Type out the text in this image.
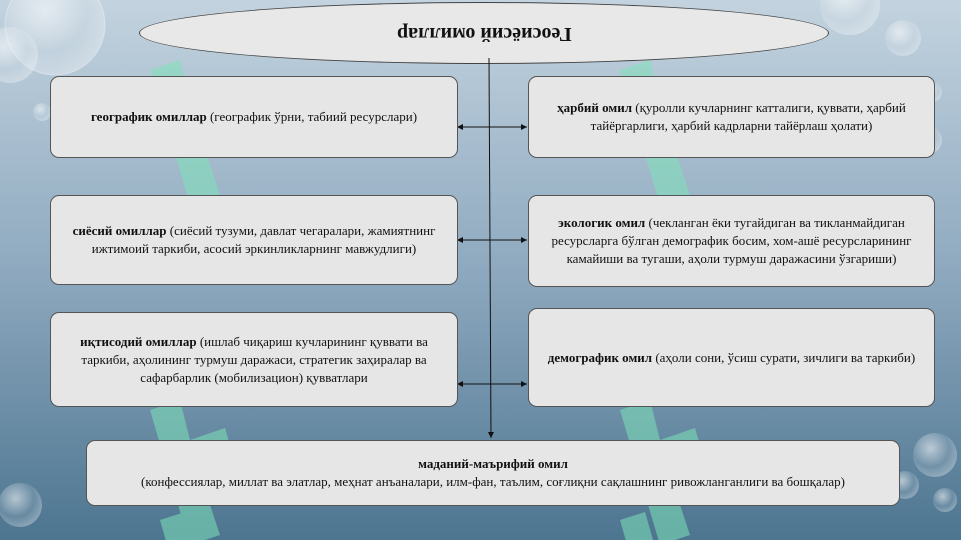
Геосиёсий омиллар
географик омиллар (географик ўрни, табиий ресурслари)
сиёсий омиллар (сиёсий тузуми, давлат чегаралари, жамиятнинг ижтимоий таркиби, асосий эркинликларнинг мавжудлиги)
иқтисодий омиллар (ишлаб чиқариш кучларининг қуввати ва таркиби, аҳолининг турмуш даражаси, стратегик заҳиралар ва сафарбарлик (мобилизацион) қувватлари
ҳарбий омил (қуролли кучларнинг катталиги, қуввати, ҳарбий тайёргарлиги, ҳарбий кадрларни тайёрлаш ҳолати)
экологик омил (чекланган ёки тугайдиган ва тикланмайдиган ресурсларга бўлган демографик босим, хом-ашё ресурсларининг камайиши ва тугаши, аҳоли турмуш даражасини ўзгариши)
демографик омил (аҳоли сони, ўсиш сурати, зичлиги ва таркиби)
маданий-маърифий омил
(конфессиялар, миллат ва элатлар, меҳнат анъаналари, илм-фан, таълим, соғлиқни сақлашнинг ривожланганлиги ва бошқалар)
